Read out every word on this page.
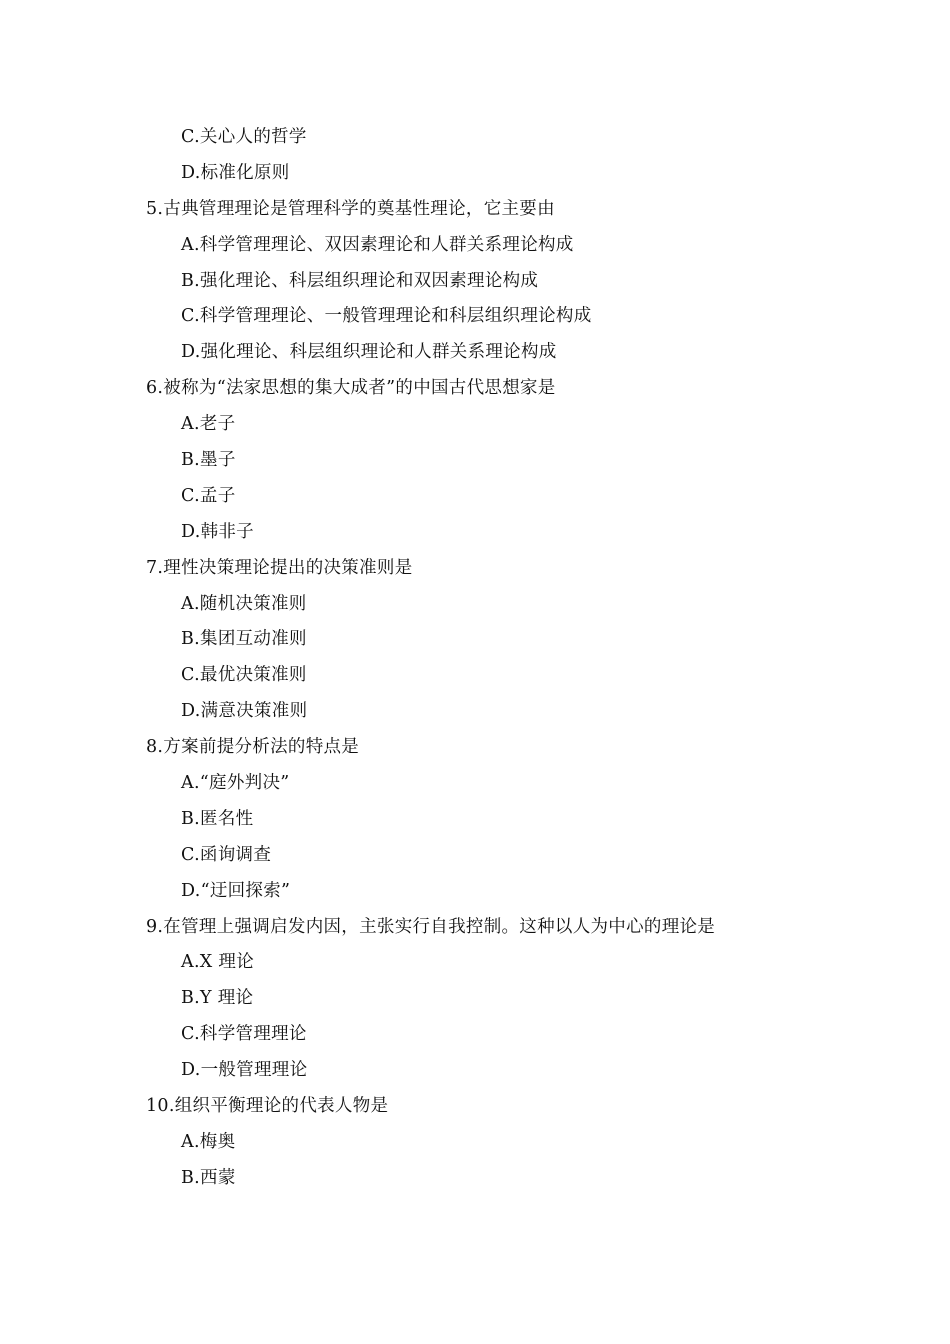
C.关心人的哲学
D.标准化原则
5.古典管理理论是管理科学的奠基性理论，它主要由
A.科学管理理论、双因素理论和人群关系理论构成
B.强化理论、科层组织理论和双因素理论构成
C.科学管理理论、一般管理理论和科层组织理论构成
D.强化理论、科层组织理论和人群关系理论构成
6.被称为“法家思想的集大成者”的中国古代思想家是
A.老子
B.墨子
C.孟子
D.韩非子
7.理性决策理论提出的决策准则是
A.随机决策准则
B.集团互动准则
C.最优决策准则
D.满意决策准则
8.方案前提分析法的特点是
A.“庭外判决”
B.匿名性
C.函询调查
D.“迂回探索”
9.在管理上强调启发内因，主张实行自我控制。这种以人为中心的理论是
A.X 理论
B.Y 理论
C.科学管理理论
D.一般管理理论
10.组织平衡理论的代表人物是
A.梅奥
B.西蒙
